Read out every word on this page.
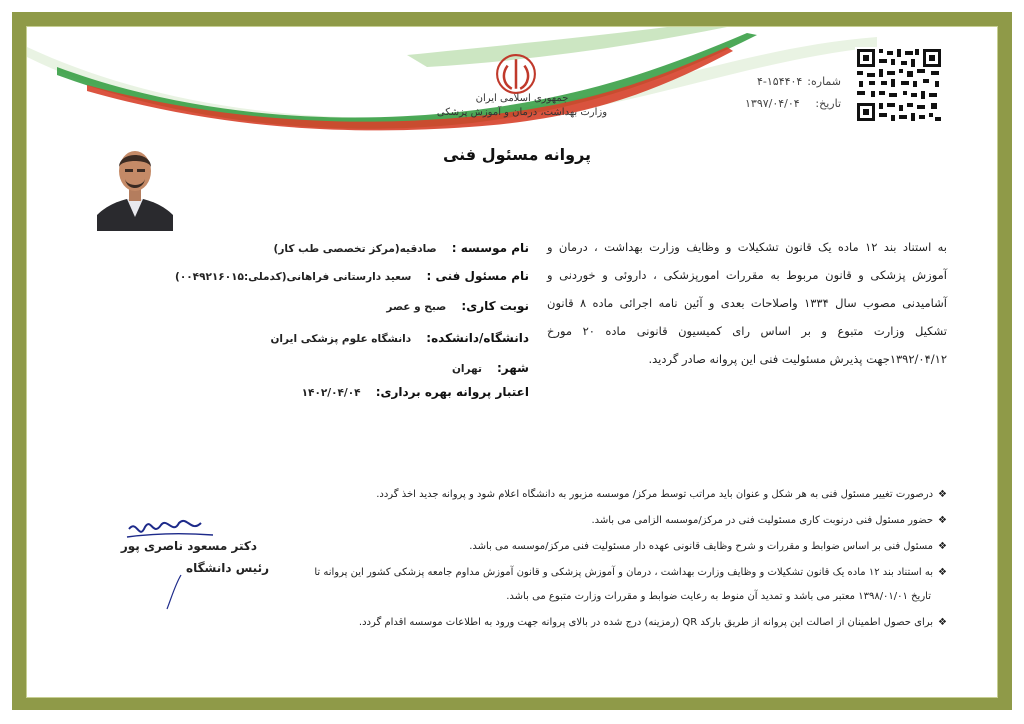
جمهوری اسلامی ایران
وزارت بهداشت، درمان و آموزش پزشکی
شماره:
۴-۱۵۴۴۰۴
تاریخ:
۱۳۹۷/۰۴/۰۴
پروانه مسئول فنی
به استناد بند ۱۲ ماده یک قانون تشکیلات و وظایف وزارت بهداشت ، درمان و آموزش پزشکی و قانون مربوط به مقررات امورپزشکی ، داروئی و خوردنی و آشامیدنی مصوب سال ۱۳۳۴ واصلاحات بعدی و آئین نامه اجرائی ماده ۸ قانون تشکیل وزارت متبوع و بر اساس رای کمیسیون قانونی ماده ۲۰ مورخ ۱۳۹۲/۰۴/۱۲جهت پذیرش مسئولیت فنی این پروانه صادر گردید.
نام موسسه : صادقیه(مرکز تخصصی طب کار)
نام مسئول فنی : سعید دارستانی فراهانی(کدملی:۰۰۴۹۲۱۶۰۱۵)
نوبت کاری: صبح و عصر
دانشگاه/دانشکده: دانشگاه علوم پزشکی ایران
شهر: تهران
اعتبار پروانه بهره برداری: ۱۴۰۲/۰۴/۰۴
❖درصورت تغییر مسئول فنی به هر شکل و عنوان باید مراتب توسط مرکز/ موسسه مزبور به دانشگاه اعلام شود و پروانه جدید اخذ گردد.
❖حضور مسئول فنی درنوبت کاری مسئولیت فنی در مرکز/موسسه الزامی می باشد.
❖مسئول فنی بر اساس ضوابط و مقررات و شرح وظایف قانونی عهده دار مسئولیت فنی مرکز/موسسه می باشد.
❖به استناد بند ۱۲ ماده یک قانون تشکیلات و وظایف وزارت بهداشت ، درمان و آموزش پزشکی و قانون آموزش مداوم جامعه پزشکی کشور این پروانه تا
تاریخ ۱۳۹۸/۰۱/۰۱ معتبر می باشد و تمدید آن منوط به رعایت ضوابط و مقررات وزارت متبوع می باشد.
❖برای حصول اطمینان از اصالت این پروانه از طریق بارکد QR (رمزینه) درج شده در بالای پروانه جهت ورود به اطلاعات موسسه اقدام گردد.
دکتر مسعود ناصری پور
رئیس دانشگاه
